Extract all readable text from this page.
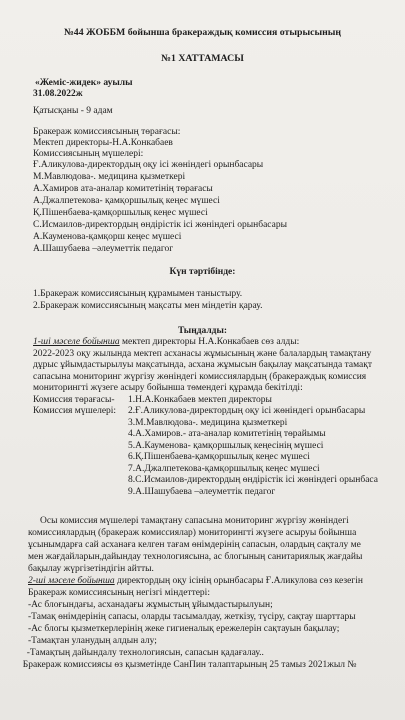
№44 ЖОББМ бойынша бракераждық комиссия отырысының
№1 ХАТТАМАСЫ
«Жеміс-жидек» ауылы
31.08.2022ж
Қатысқаны - 9 адам
Бракераж комиссиясының төрағасы:
Мектеп директоры-Н.А.Конкабаев
Комиссиясының мүшелері:
Ғ.Аликулова-директордың оқу ісі жөніндегі орынбасары
М.Мавлюдова-. медицина қызметкері
А.Хамиров ата-аналар комитетінің төрағасы
А.Джалпетекова- қамқоршылық кеңес мүшесі
Қ.Пішенбаева-қамқоршылық кеңес мүшесі
С.Исмаилов-директордың өндірістік ісі жөніндегі орынбасары
А.Кауменова-қамқорш кеңес мүшесі
А.Шашубаева –әлеуметтік педагог
Күн тәртібінде:
1.Бракераж комиссиясының құрамымен таныстыру.
2.Бракераж комиссиясының мақсаты мен міндетін қарау.
Тыңдалды:
1-ші мәселе бойынша мектеп директоры Н.А.Конкабаев сөз алды:
2022-2023 оқу жылында мектеп асханасы жұмысының және балалардың тамақтану
дұрыс ұйымдастырылуы мақсатында, асхана жұмысын бақылау мақсатында тамақт
сапасына мониторинг жүргізу жөніндегі комиссиялардың (бракераждық комиссия
мониторингті жүзеге асыру бойынша төмендегі құрамда бекітілді:
Комиссия төрағасы- 1.Н.А.Конкабаев мектеп директоры
Комиссия мүшелері: 2.Ғ.Аликулова-директордың оқу ісі жөніндегі орынбасары
3.М.Мавлюдова-. медицина қызметкері
4.А.Хамиров.- ата-аналар комитетінің төрайымы
5.А.Кауменова- қамқоршылық кеңесінің мүшесі
6.Қ.Пішенбаева-қамқоршылық кеңес мүшесі
7.А.Джалпетекова-қамқоршылық кеңес мүшесі
8.С.Исмаилов-директордың өндірістік ісі жөніндегі орынбаса
9.А.Шашубаева –әлеуметтік педагог
Осы комиссия мүшелері тамақтану сапасына мониторинг жүргізу жөніндегі
комиссиялардың (бракераж комиссиялар) мониторингті жүзеге асыруы бойынша
ұсынымдарға сай асханаға келген тағам өнімдерінің сапасын, олардың сақталу ме
мен жағдайларын,дайындау технологиясына, ас блогының санитариялық жағдайы
бақылау жүргізетіндігін айтты.
2-ші мәселе бойынша директордың оқу ісінің орынбасары Ғ.Аликулова сөз кезегін
Бракераж комиссиясының негізгі міндеттері:
-Ас блоғындағы, асханадағы жұмыстың ұйымдастырылуын;
-Тамақ өнімдерінің сапасы, оларды тасымалдау, жеткізу, түсіру, сақтау шарттары
-Ас блогы қызметкерлерінің жеке гигиеналық ережелерін сақтауын бақылау;
-Тамақтан уланудың алдын алу;
-Тамақтың дайындалу технологиясын, сапасын қадағалау..
Бракераж комиссиясы өз қызметінде СанПин талаптарының 25 тамыз 2021жыл №
